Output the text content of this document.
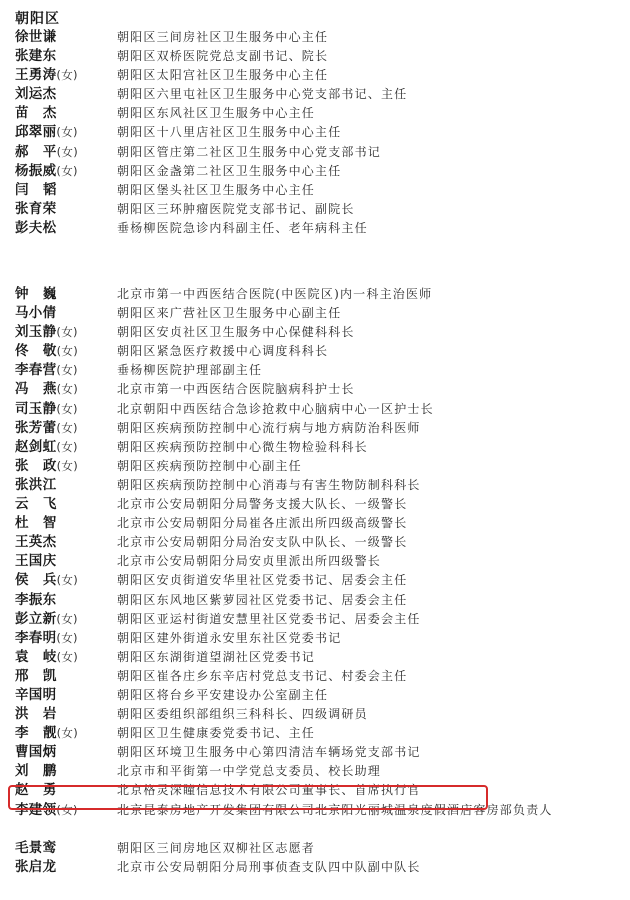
朝阳区
徐世谦	朝阳区三间房社区卫生服务中心主任
张建东	朝阳区双桥医院党总支副书记、院长
王勇涛(女)	朝阳区太阳宫社区卫生服务中心主任
刘运杰	朝阳区六里屯社区卫生服务中心党支部书记、主任
苗 杰	朝阳区东风社区卫生服务中心主任
邱翠丽(女)	朝阳区十八里店社区卫生服务中心主任
郝 平(女)	朝阳区管庄第二社区卫生服务中心党支部书记
杨振威(女)	朝阳区金盏第二社区卫生服务中心主任
闫 韬	朝阳区堡头社区卫生服务中心主任
张育荣	朝阳区三环肿瘤医院党支部书记、副院长
彭夫松	垂杨柳医院急诊内科副主任、老年病科主任
钟 巍	北京市第一中西医结合医院(中医院区)内一科主治医师
马小倩	朝阳区来广营社区卫生服务中心副主任
刘玉静(女)	朝阳区安贞社区卫生服务中心保健科科长
佟 敬(女)	朝阳区紧急医疗救援中心调度科科长
李春营(女)	垂杨柳医院护理部副主任
冯 燕(女)	北京市第一中西医结合医院脑病科护士长
司玉静(女)	北京朝阳中西医结合急诊抢救中心脑病中心一区护士长
张芳蕾(女)	朝阳区疾病预防控制中心流行病与地方病防治科医师
赵剑虹(女)	朝阳区疾病预防控制中心微生物检验科科长
张 政(女)	朝阳区疾病预防控制中心副主任
张洪江	朝阳区疾病预防控制中心消毒与有害生物防制科科长
云 飞	北京市公安局朝阳分局警务支援大队长、一级警长
杜 智	北京市公安局朝阳分局崔各庄派出所四级高级警长
王英杰	北京市公安局朝阳分局治安支队中队长、一级警长
王国庆	北京市公安局朝阳分局安贞里派出所四级警长
侯 兵(女)	朝阳区安贞街道安华里社区党委书记、居委会主任
李振东	朝阳区东风地区紫萝园社区党委书记、居委会主任
彭立新(女)	朝阳区亚运村街道安慧里社区党委书记、居委会主任
李春明(女)	朝阳区建外街道永安里东社区党委书记
袁 岐(女)	朝阳区东湖街道望湖社区党委书记
邢 凯	朝阳区崔各庄乡东辛店村党总支书记、村委会主任
辛国明	朝阳区将台乡平安建设办公室副主任
洪 岩	朝阳区委组织部组织三科科长、四级调研员
李 靓(女)	朝阳区卫生健康委党委书记、主任
曹国炳	朝阳区环境卫生服务中心第四清洁车辆场党支部书记
刘 鹏	北京市和平街第一中学党总支委员、校长助理
赵 勇	北京格灵深瞳信息技术有限公司董事长、首席执行官
李建领(女)	北京昆泰房地产开发集团有限公司北京阳光丽城温泉度假酒店客房部负责人
毛景鸾	朝阳区三间房地区双柳社区志愿者
张启龙	北京市公安局朝阳分局刑事侦查支队四中队副中队长
